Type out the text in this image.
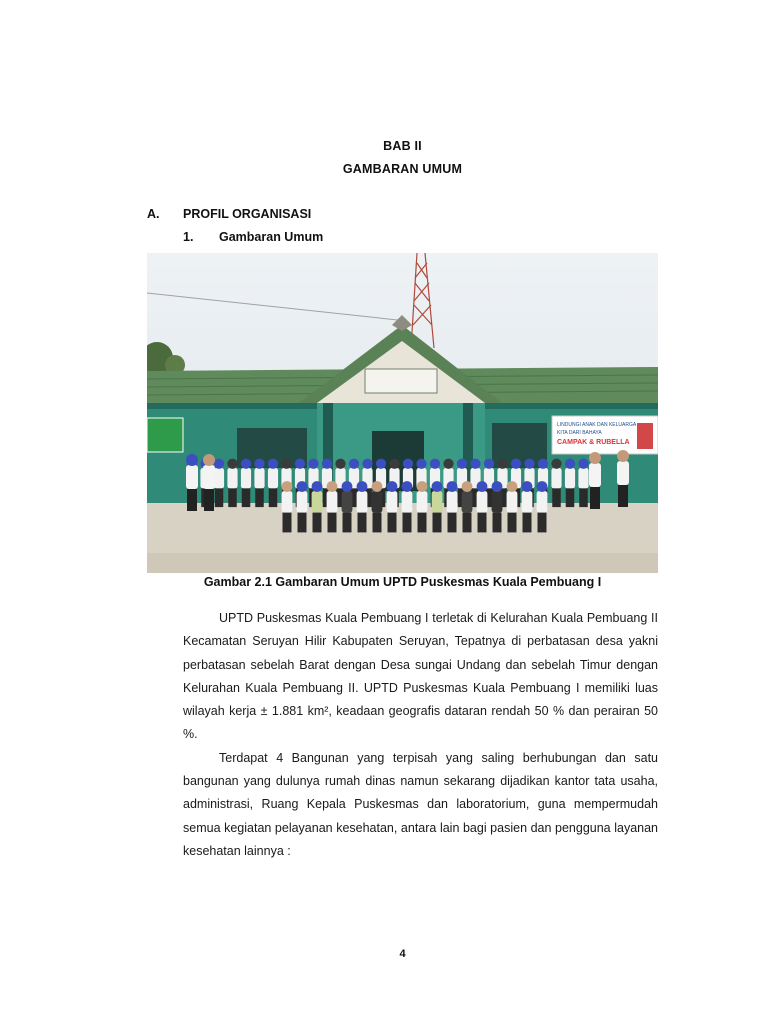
BAB II
GAMBARAN UMUM
A. PROFIL ORGANISASI
1. Gambaran Umum
LINDUNGI ANAK DAN KELUARGA
KITA DARI BAHAYA
CAMPAK & RUBELLA
Gambar 2.1 Gambaran Umum UPTD Puskesmas Kuala Pembuang I

UPTD Puskesmas Kuala Pembuang I terletak di Kelurahan Kuala Pembuang II Kecamatan Seruyan Hilir Kabupaten Seruyan, Tepatnya di perbatasan desa yakni perbatasan sebelah Barat dengan Desa sungai Undang dan sebelah Timur dengan Kelurahan Kuala Pembuang II. UPTD Puskesmas Kuala Pembuang I memiliki luas wilayah kerja ± 1.881 km², keadaan geografis dataran rendah 50 % dan perairan 50 %.

Terdapat 4 Bangunan yang terpisah yang saling berhubungan dan satu bangunan yang dulunya rumah dinas namun sekarang dijadikan kantor tata usaha, administrasi, Ruang Kepala Puskesmas dan laboratorium, guna mempermudah semua kegiatan pelayanan kesehatan, antara lain bagi pasien dan pengguna layanan kesehatan lainnya :

4
